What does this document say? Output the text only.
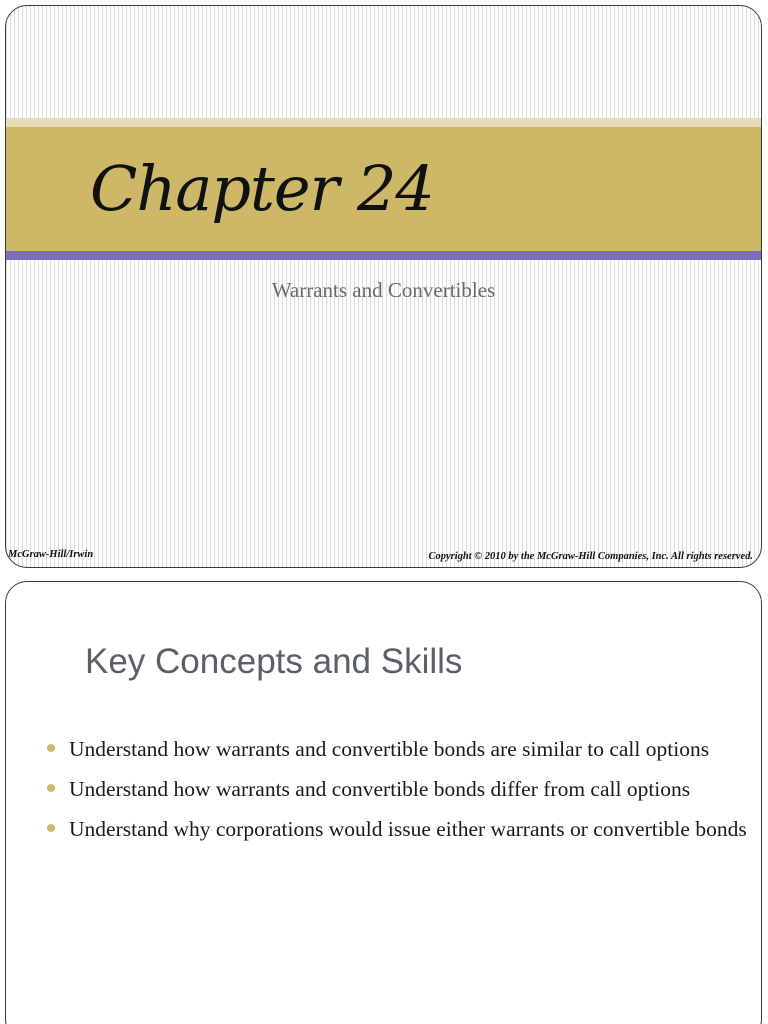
Chapter 24
Warrants and Convertibles
McGraw-Hill/Irwin	Copyright © 2010 by the McGraw-Hill Companies, Inc. All rights reserved.
Key Concepts and Skills
Understand how warrants and convertible bonds are similar to call options
Understand how warrants and convertible bonds differ from call options
Understand why corporations would issue either warrants or convertible bonds
